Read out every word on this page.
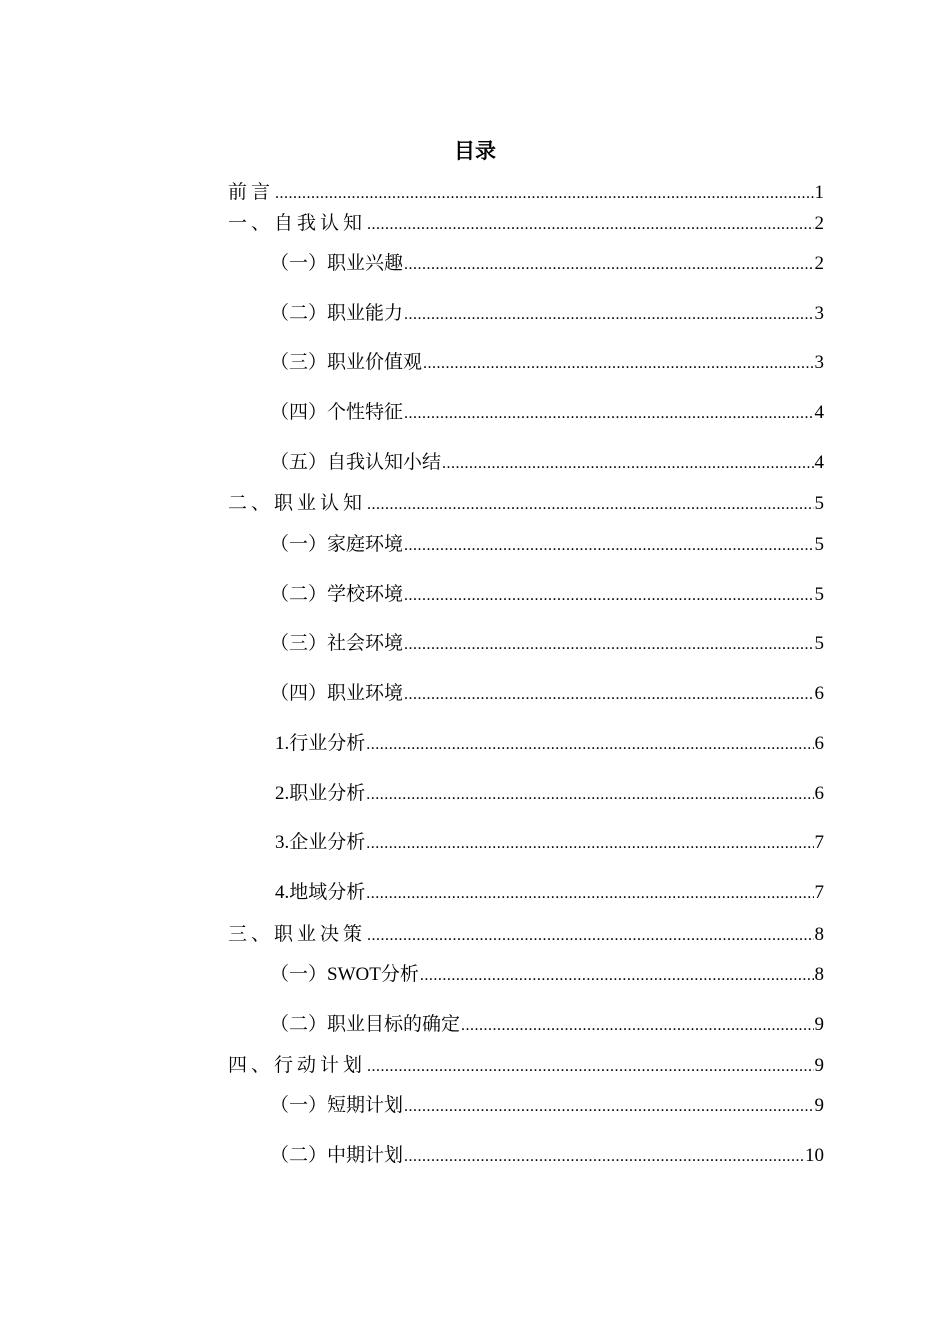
目录
前言 .....	1
一、自我认知 .....	2
（一）职业兴趣 .....	2
（二）职业能力 .....	3
（三）职业价值观 .....	3
（四）个性特征 .....	4
（五）自我认知小结 .....	4
二、职业认知 .....	5
（一）家庭环境 .....	5
（二）学校环境 .....	5
（三）社会环境 .....	5
（四）职业环境 .....	6
1.行业分析 .....	6
2.职业分析 .....	6
3.企业分析 .....	7
4.地域分析 .....	7
三、职业决策 .....	8
（一）SWOT分析 .....	8
（二）职业目标的确定 .....	9
四、行动计划 .....	9
（一）短期计划 .....	9
（二）中期计划 .....	10
